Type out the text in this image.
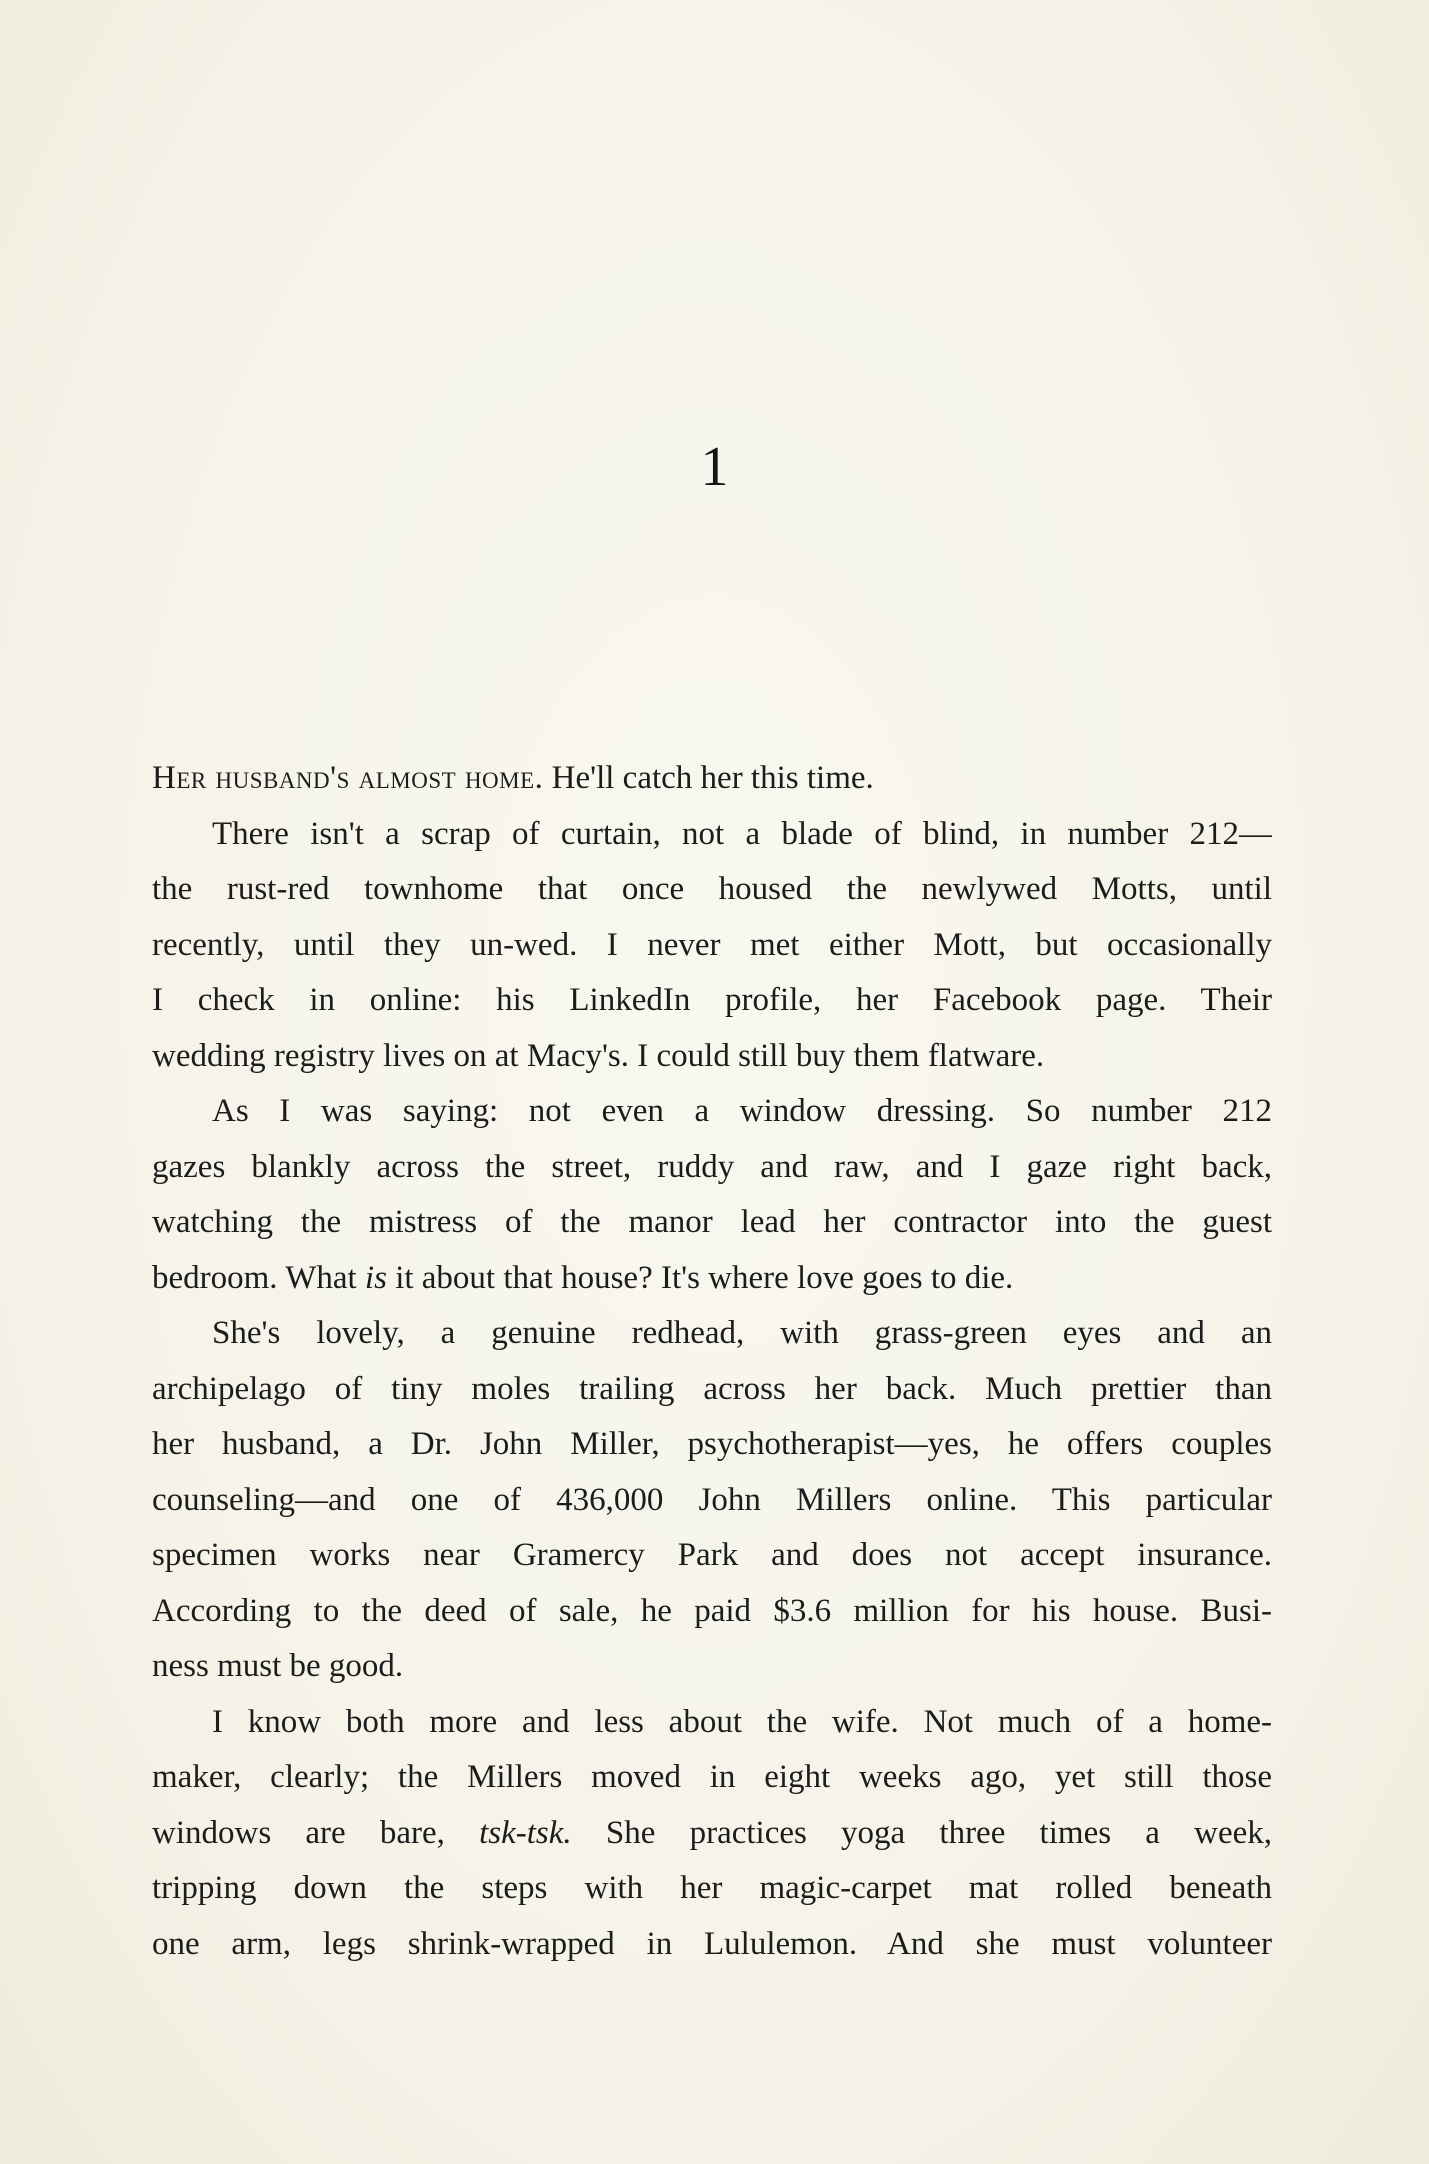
1
Her husband's almost home. He'll catch her this time.
There isn't a scrap of curtain, not a blade of blind, in number 212—
the rust-red townhome that once housed the newlywed Motts, until
recently, until they un-wed. I never met either Mott, but occasionally
I check in online: his LinkedIn profile, her Facebook page. Their
wedding registry lives on at Macy's. I could still buy them flatware.
As I was saying: not even a window dressing. So number 212
gazes blankly across the street, ruddy and raw, and I gaze right back,
watching the mistress of the manor lead her contractor into the guest
bedroom. What is it about that house? It's where love goes to die.
She's lovely, a genuine redhead, with grass-green eyes and an
archipelago of tiny moles trailing across her back. Much prettier than
her husband, a Dr. John Miller, psychotherapist—yes, he offers couples
counseling—and one of 436,000 John Millers online. This particular
specimen works near Gramercy Park and does not accept insurance.
According to the deed of sale, he paid $3.6 million for his house. Busi-
ness must be good.
I know both more and less about the wife. Not much of a home-
maker, clearly; the Millers moved in eight weeks ago, yet still those
windows are bare, tsk-tsk. She practices yoga three times a week,
tripping down the steps with her magic-carpet mat rolled beneath
one arm, legs shrink-wrapped in Lululemon. And she must volunteer
